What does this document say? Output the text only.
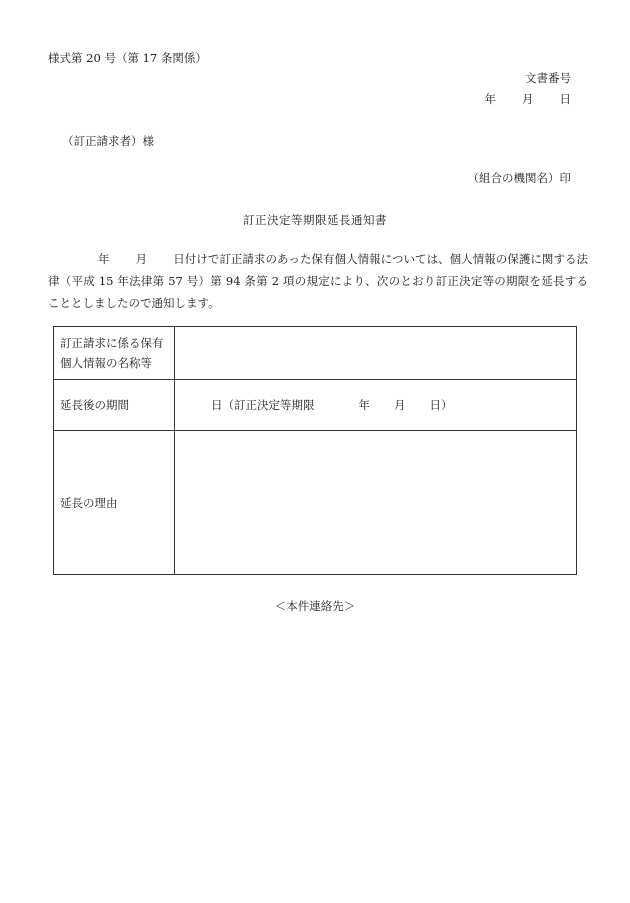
様式第 20 号（第 17 条関係）
文書番号
年 月 日
（訂正請求者）様
（組合の機関名）印
訂正決定等期限延長通知書
年 月 日付けで訂正請求のあった保有個人情報については、個人情報の保護に関する法律（平成 15 年法律第 57 号）第 94 条第 2 項の規定により、次のとおり訂正決定等の期限を延長することとしましたので通知します。
訂正請求に係る保有個人情報の名称等	
延長後の期間	日（訂正決定等期限 年 月 日）
延長の理由	
＜本件連絡先＞
